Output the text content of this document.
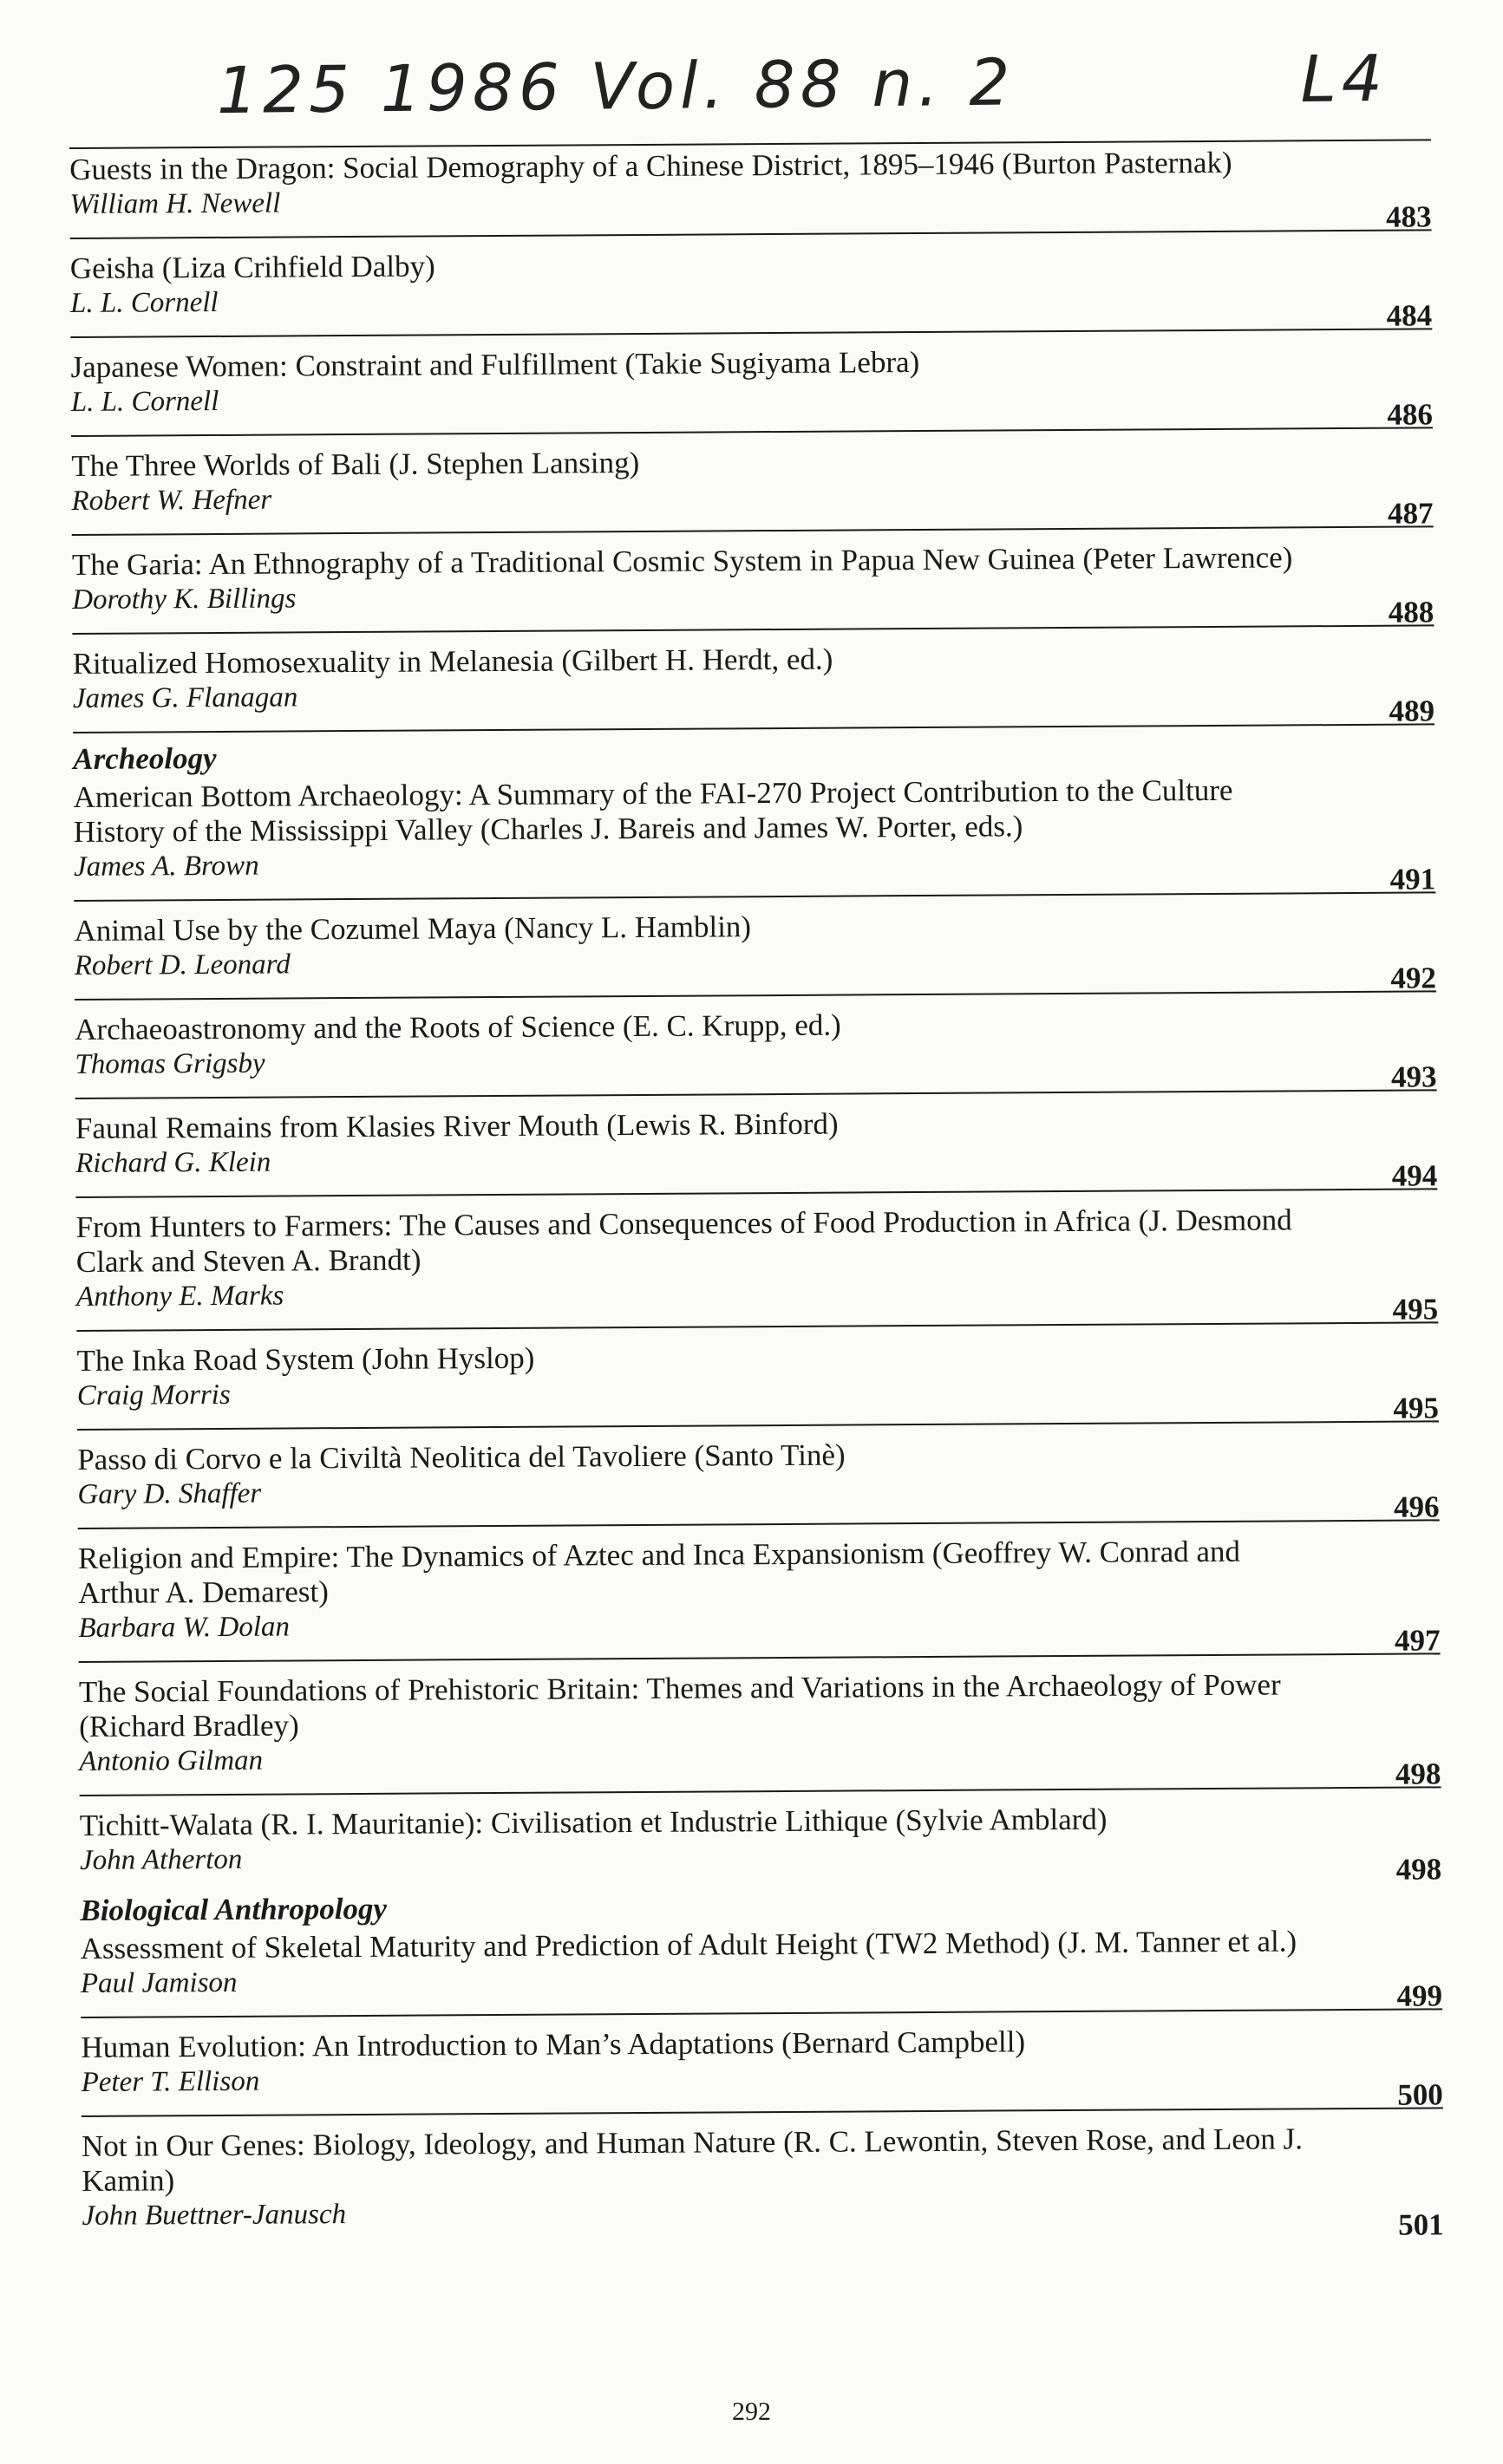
125 1986 Vol. 88 n. 2	L4
Guests in the Dragon: Social Demography of a Chinese District, 1895–1946 (Burton Pasternak)
William H. Newell	483
Geisha (Liza Crihfield Dalby)
L. L. Cornell	484
Japanese Women: Constraint and Fulfillment (Takie Sugiyama Lebra)
L. L. Cornell	486
The Three Worlds of Bali (J. Stephen Lansing)
Robert W. Hefner	487
The Garia: An Ethnography of a Traditional Cosmic System in Papua New Guinea (Peter Lawrence)
Dorothy K. Billings	488
Ritualized Homosexuality in Melanesia (Gilbert H. Herdt, ed.)
James G. Flanagan	489
Archeology
American Bottom Archaeology: A Summary of the FAI-270 Project Contribution to the Culture History of the Mississippi Valley (Charles J. Bareis and James W. Porter, eds.)
James A. Brown	491
Animal Use by the Cozumel Maya (Nancy L. Hamblin)
Robert D. Leonard	492
Archaeoastronomy and the Roots of Science (E. C. Krupp, ed.)
Thomas Grigsby	493
Faunal Remains from Klasies River Mouth (Lewis R. Binford)
Richard G. Klein	494
From Hunters to Farmers: The Causes and Consequences of Food Production in Africa (J. Desmond Clark and Steven A. Brandt)
Anthony E. Marks	495
The Inka Road System (John Hyslop)
Craig Morris	495
Passo di Corvo e la Civiltà Neolitica del Tavoliere (Santo Tinè)
Gary D. Shaffer	496
Religion and Empire: The Dynamics of Aztec and Inca Expansionism (Geoffrey W. Conrad and Arthur A. Demarest)
Barbara W. Dolan	497
The Social Foundations of Prehistoric Britain: Themes and Variations in the Archaeology of Power (Richard Bradley)
Antonio Gilman	498
Tichitt-Walata (R. I. Mauritanie): Civilisation et Industrie Lithique (Sylvie Amblard)
John Atherton	498
Biological Anthropology
Assessment of Skeletal Maturity and Prediction of Adult Height (TW2 Method) (J. M. Tanner et al.)
Paul Jamison	499
Human Evolution: An Introduction to Man’s Adaptations (Bernard Campbell)
Peter T. Ellison	500
Not in Our Genes: Biology, Ideology, and Human Nature (R. C. Lewontin, Steven Rose, and Leon J. Kamin)
John Buettner-Janusch	501
292
